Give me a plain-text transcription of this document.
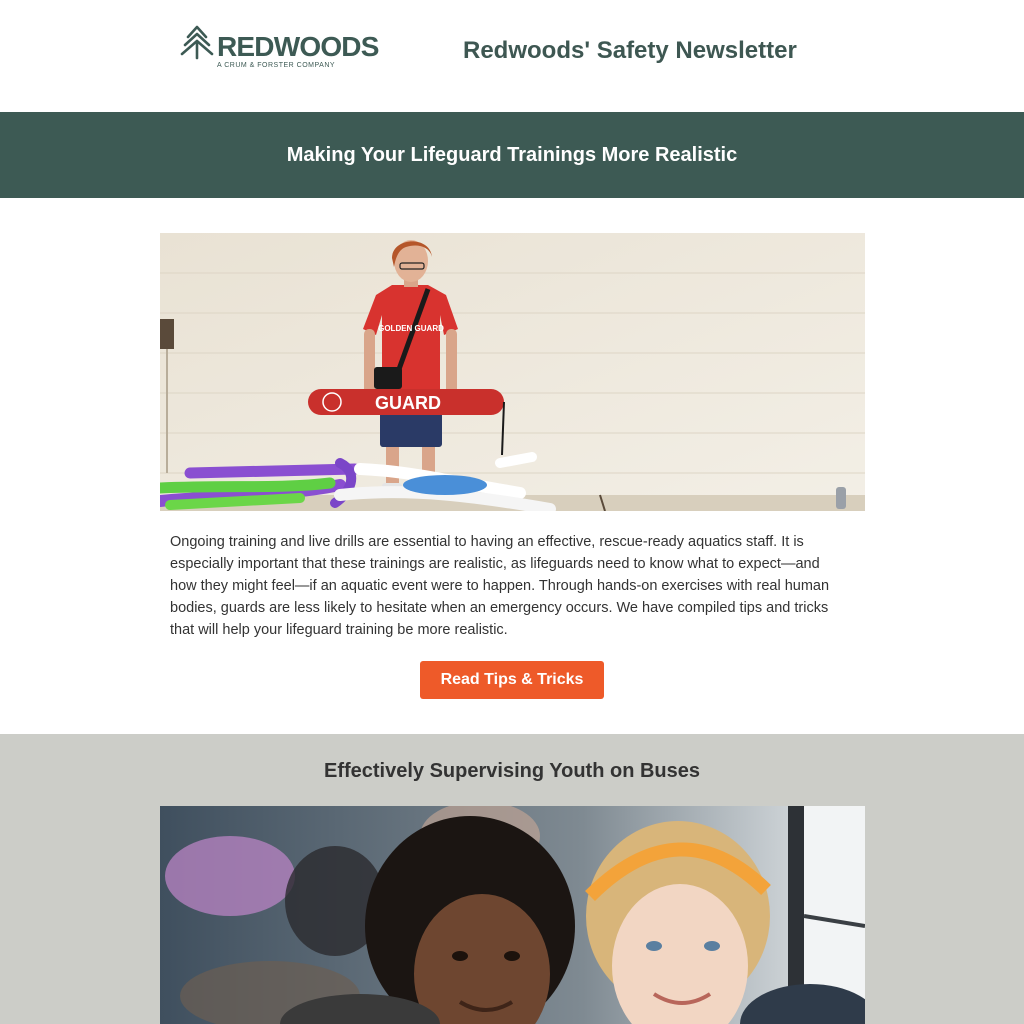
REDWOODS
A CRUM & FORSTER COMPANY
Redwoods' Safety Newsletter
Making Your Lifeguard Trainings More Realistic
GOLDEN GUARD
GUARD

Ongoing training and live drills are essential to having an effective, rescue-ready aquatics staff. It is especially important that these trainings are realistic, as lifeguards need to know what to expect—and how they might feel—if an aquatic event were to happen. Through hands-on exercises with real human bodies, guards are less likely to hesitate when an emergency occurs. We have compiled tips and tricks that will help your lifeguard training be more realistic.

Read Tips & Tricks
Effectively Supervising Youth on Buses
